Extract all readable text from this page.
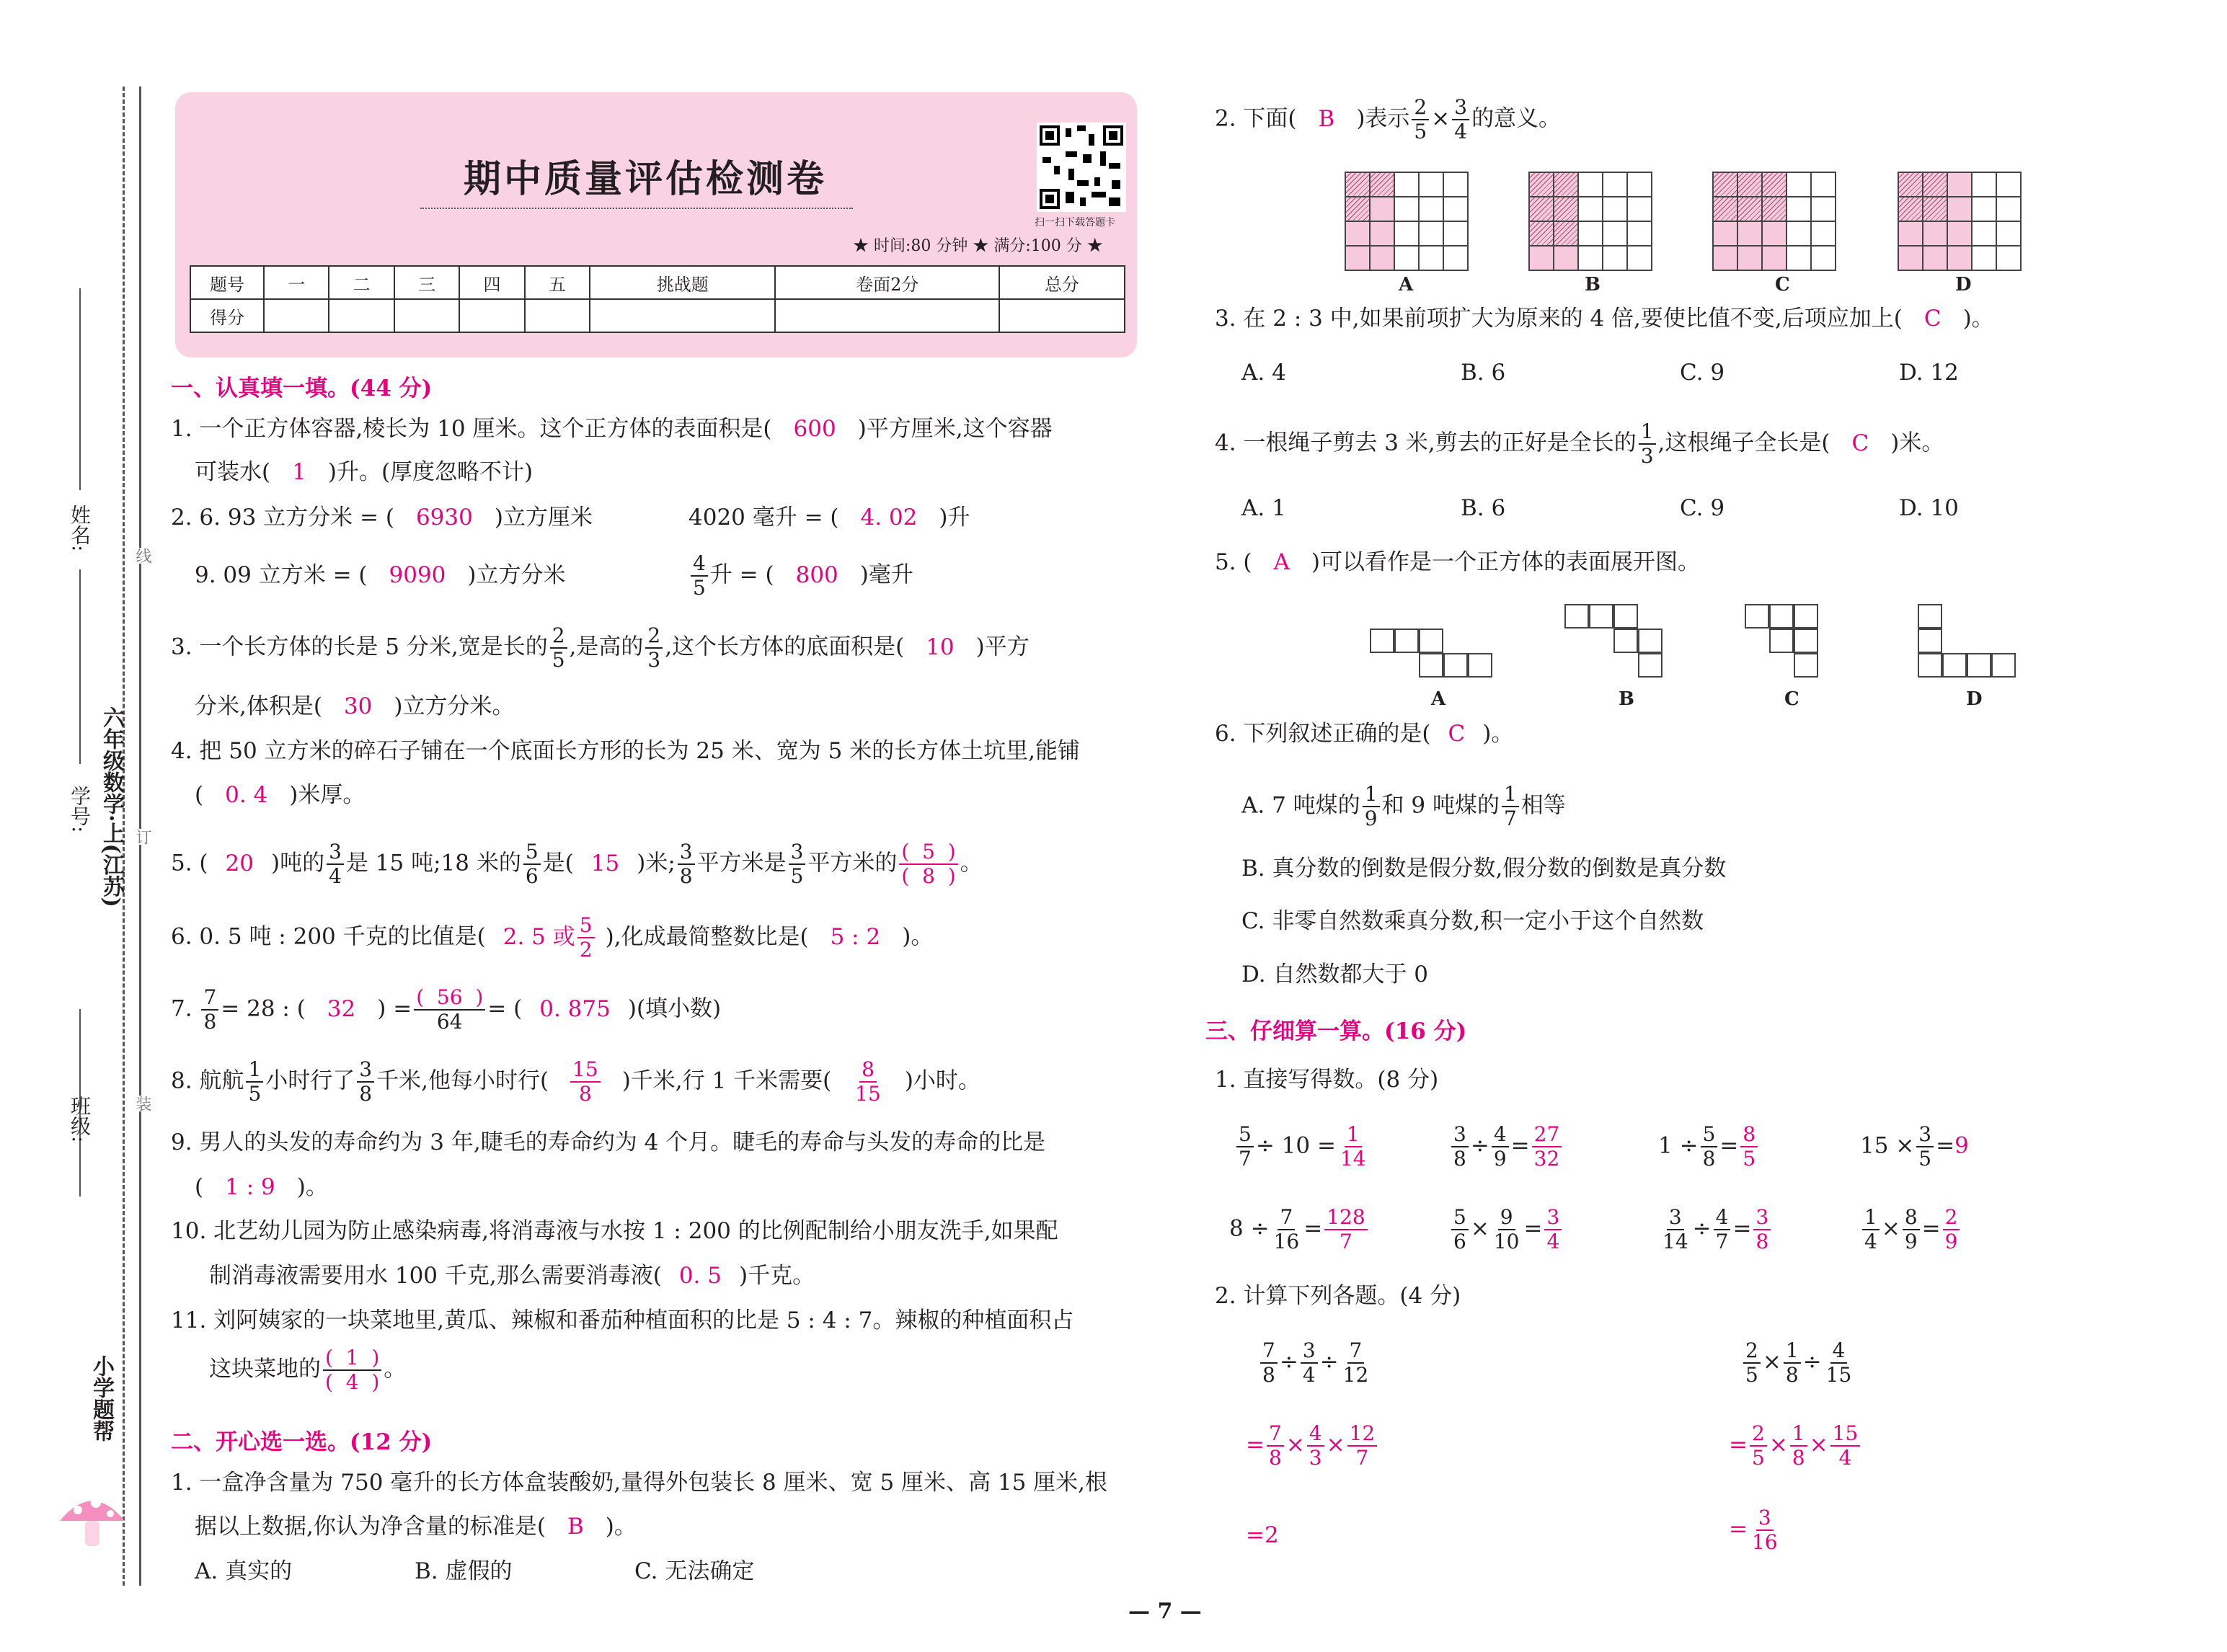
姓名:
学号:
班级:
六年级数学·上(江苏)
线
订
装
小学题帮
期中质量评估检测卷
扫一扫下载答题卡
★ 时间:80 分钟 ★ 满分:100 分 ★
题号	一	二	三	四	五	挑战题	卷面2分	总分
得分								
一、认真填一填。(44 分)
1. 一个正方体容器,棱长为 10 厘米。这个正方体的表面积是( 600 )平方厘米,这个容器
可装水( 1 )升。(厚度忽略不计)
2. 6. 93 立方分米 = ( 6930 )立方厘米	4020 毫升 = ( 4. 02 )升
9. 09 立方米 = ( 9090 )立方分米	$\frac{4}{5}$ 升 = ( 800 )毫升
3. 一个长方体的长是 5 分米,宽是长的 $\frac{2}{5}$ ,是高的 $\frac{2}{3}$ ,这个长方体的底面积是( 10 )平方
分米,体积是( 30 )立方分米。
4. 把 50 立方米的碎石子铺在一个底面长方形的长为 25 米、宽为 5 米的长方体土坑里,能铺
( 0. 4 )米厚。
5. ( 20 )吨的 $\frac{3}{4}$ 是 15 吨;18 米的 $\frac{5}{6}$ 是( 15 )米; $\frac{3}{8}$ 平方米是 $\frac{3}{5}$ 平方米的 $\frac{( 5 )}{( 8 )}$ 。
6. 0. 5 吨 : 200 千克的比值是( 2. 5 或 $\frac{5}{2}$ ),化成最简整数比是( 5 : 2 )。
7. $\frac{7}{8} = 28$ : ( 32 ) = $\frac{( 56 )}{64}$ = ( 0. 875 )(填小数)
8. 航航 $\frac{1}{5}$ 小时行了 $\frac{3}{8}$ 千米,他每小时行( $\frac{15}{8}$ )千米,行 1 千米需要( $\frac{8}{15}$ )小时。
9. 男人的头发的寿命约为 3 年,睫毛的寿命约为 4 个月。睫毛的寿命与头发的寿命的比是
( 1 : 9 )。
10. 北艺幼儿园为防止感染病毒,将消毒液与水按 1 : 200 的比例配制给小朋友洗手,如果配
制消毒液需要用水 100 千克,那么需要消毒液( 0. 5 )千克。
11. 刘阿姨家的一块菜地里,黄瓜、辣椒和番茄种植面积的比是 5 : 4 : 7。辣椒的种植面积占
这块菜地的 $\frac{( 1 )}{( 4 )}$ 。
二、开心选一选。(12 分)
1. 一盒净含量为 750 毫升的长方体盒装酸奶,量得外包装长 8 厘米、宽 5 厘米、高 15 厘米,根
据以上数据,你认为净含量的标准是( B )。
A. 真实的	B. 虚假的	C. 无法确定
2. 下面( B )表示 $\frac{2}{5} \times \frac{3}{4}$ 的意义。

A

					B

					C

					D
3. 在 2 : 3 中,如果前项扩大为原来的 4 倍,要使比值不变,后项应加上( C )。
A. 4	B. 6	C. 9	D. 12
4. 一根绳子剪去 3 米,剪去的正好是全长的 $\frac{1}{3}$ ,这根绳子全长是( C )米。
A. 1	B. 6	C. 9	D. 10
5. ( A )可以看作是一个正方体的表面展开图。
A	B	C	D
6. 下列叙述正确的是( C )。
A. 7 吨煤的 $\frac{1}{9}$ 和 9 吨煤的 $\frac{1}{7}$ 相等
B. 真分数的倒数是假分数,假分数的倒数是真分数
C. 非零自然数乘真分数,积一定小于这个自然数
D. 自然数都大于 0
三、仔细算一算。(16 分)
1. 直接写得数。(8 分)
$\frac{5}{7} \div 10 = \frac{1}{14}$	$\frac{3}{8} \div \frac{4}{9} = \frac{27}{32}$	$1 \div \frac{5}{8} = \frac{8}{5}$	$15 \times \frac{3}{5} =9$
$8 \div \frac{7}{16} = \frac{128}{7}$	$\frac{5}{6} \times \frac{9}{10} = \frac{3}{4}$	$\frac{3}{14} \div \frac{4}{7} = \frac{3}{8}$	$\frac{1}{4} \times \frac{8}{9} = \frac{2}{9}$
2. 计算下列各题。(4 分)
$\frac{7}{8} \div \frac{3}{4} \div \frac{7}{12}$
= $\frac{7}{8} \times \frac{4}{3} \times \frac{12}{7}$
=2
$\frac{2}{5} \times \frac{1}{8} \div \frac{4}{15}$
= $\frac{2}{5} \times \frac{1}{8} \times \frac{15}{4}$
= $\frac{3}{16}$
— 7 —
